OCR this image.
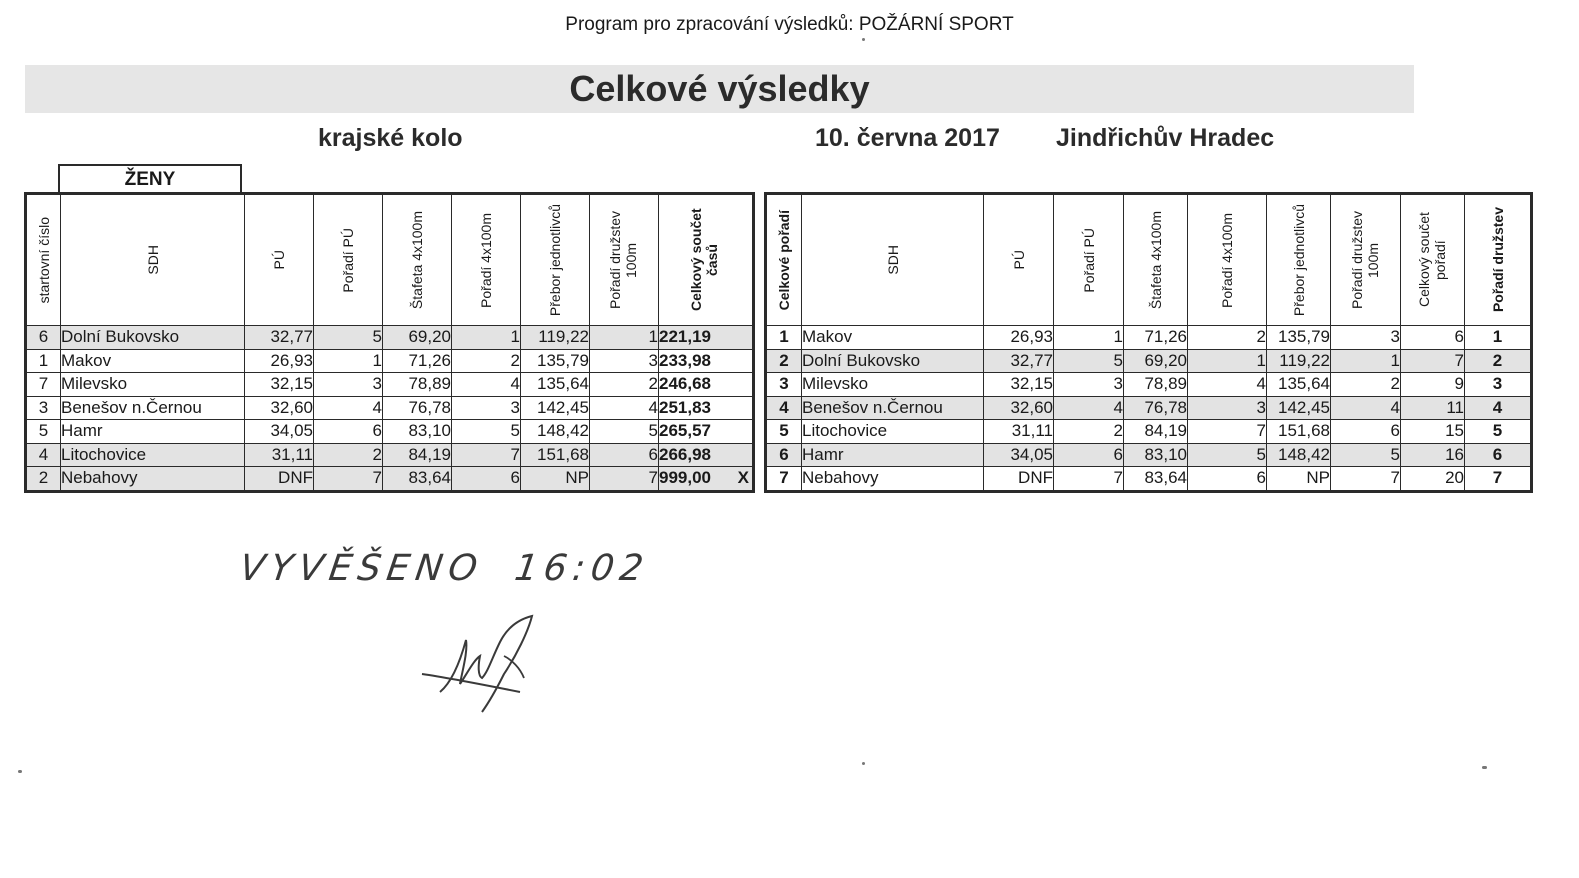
Program pro zpracování výsledků: POŽÁRNÍ SPORT
Celkové výsledky
krajské kolo	10. června 2017 Jindřichův Hradec
ŽENY
startovní číslo	SDH	PÚ	Pořadí PÚ	Štafeta 4x100m	Pořadí 4x100m	Přebor jednotlivců	Pořadí družstev 100m	Celkový součet časů

6	Dolní Bukovsko	32,77	5	69,20	1	119,22	1	221,19

1	Makov	26,93	1	71,26	2	135,79	3	233,98

7	Milevsko	32,15	3	78,89	4	135,64	2	246,68

3	Benešov n.Černou	32,60	4	76,78	3	142,45	4	251,83

5	Hamr	34,05	6	83,10	5	148,42	5	265,57

4	Litochovice	31,11	2	84,19	7	151,68	6	266,98

2	Nebahovy	DNF	7	83,64	6	NP	7	999,00 X
Celkové pořadí	SDH	PÚ	Pořadí PÚ	Štafeta 4x100m	Pořadí 4x100m	Přebor jednotlivců	Pořadí družstev 100m	Celkový součet pořadí	Pořadí družstev

1	Makov	26,93	1	71,26	2	135,79	3	6	1
2	Dolní Bukovsko	32,77	5	69,20	1	119,22	1	7	2
3	Milevsko	32,15	3	78,89	4	135,64	2	9	3
4	Benešov n.Černou	32,60	4	76,78	3	142,45	4	11	4
5	Litochovice	31,11	2	84,19	7	151,68	6	15	5
6	Hamr	34,05	6	83,10	5	148,42	5	16	6
7	Nebahovy	DNF	7	83,64	6	NP	7	20	7
VYVĚŠENO 16:02
